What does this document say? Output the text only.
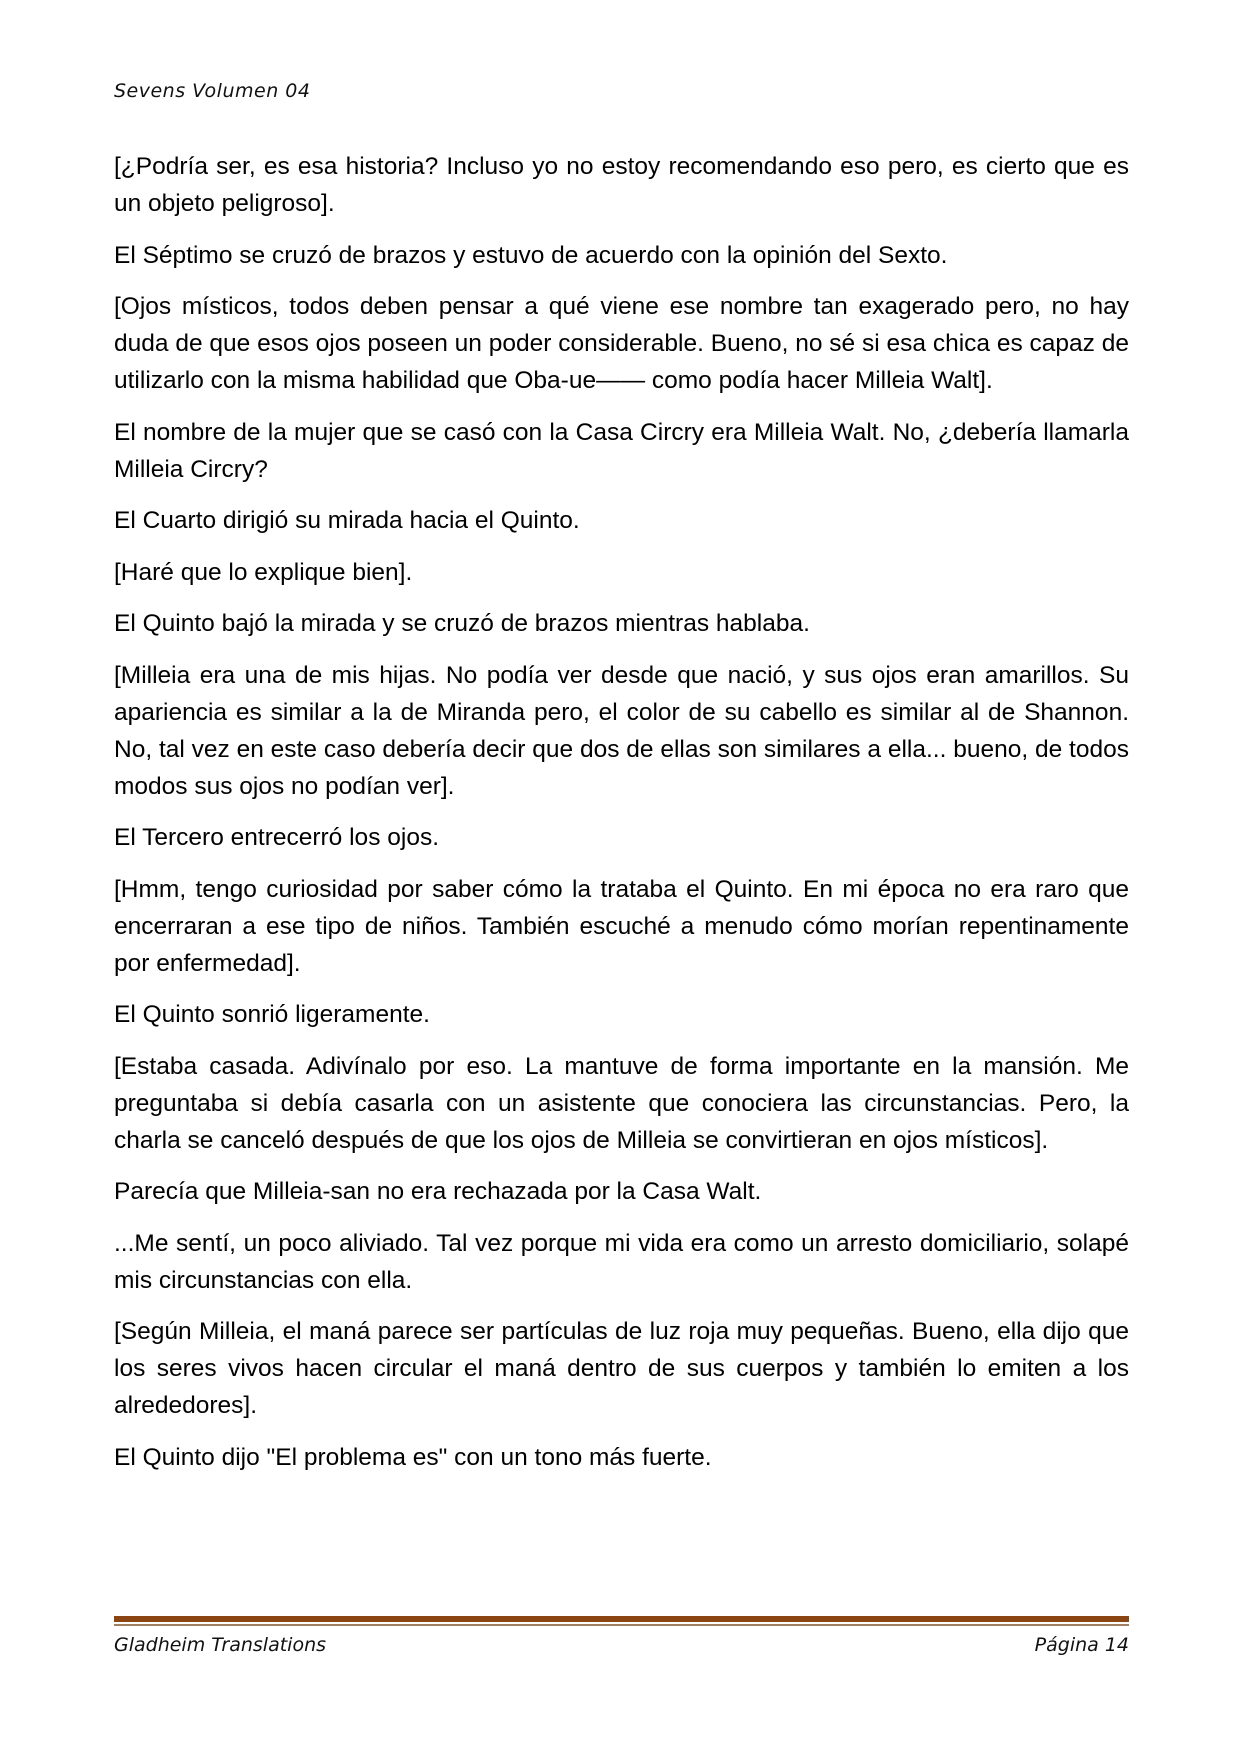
Sevens Volumen 04

[¿Podría ser, es esa historia? Incluso yo no estoy recomendando eso pero, es cierto que es un objeto peligroso].

El Séptimo se cruzó de brazos y estuvo de acuerdo con la opinión del Sexto.

[Ojos místicos, todos deben pensar a qué viene ese nombre tan exagerado pero, no hay duda de que esos ojos poseen un poder considerable. Bueno, no sé si esa chica es capaz de utilizarlo con la misma habilidad que Oba-ue—— como podía hacer Milleia Walt].

El nombre de la mujer que se casó con la Casa Circry era Milleia Walt. No, ¿debería llamarla Milleia Circry?

El Cuarto dirigió su mirada hacia el Quinto.

[Haré que lo explique bien].

El Quinto bajó la mirada y se cruzó de brazos mientras hablaba.

[Milleia era una de mis hijas. No podía ver desde que nació, y sus ojos eran amarillos. Su apariencia es similar a la de Miranda pero, el color de su cabello es similar al de Shannon. No, tal vez en este caso debería decir que dos de ellas son similares a ella... bueno, de todos modos sus ojos no podían ver].

El Tercero entrecerró los ojos.

[Hmm, tengo curiosidad por saber cómo la trataba el Quinto. En mi época no era raro que encerraran a ese tipo de niños. También escuché a menudo cómo morían repentinamente por enfermedad].

El Quinto sonrió ligeramente.

[Estaba casada. Adivínalo por eso. La mantuve de forma importante en la mansión. Me preguntaba si debía casarla con un asistente que conociera las circunstancias. Pero, la charla se canceló después de que los ojos de Milleia se convirtieran en ojos místicos].

Parecía que Milleia-san no era rechazada por la Casa Walt.

...Me sentí, un poco aliviado. Tal vez porque mi vida era como un arresto domiciliario, solapé mis circunstancias con ella.

[Según Milleia, el maná parece ser partículas de luz roja muy pequeñas. Bueno, ella dijo que los seres vivos hacen circular el maná dentro de sus cuerpos y también lo emiten a los alrededores].

El Quinto dijo "El problema es" con un tono más fuerte.

Gladheim Translations	Página 14
